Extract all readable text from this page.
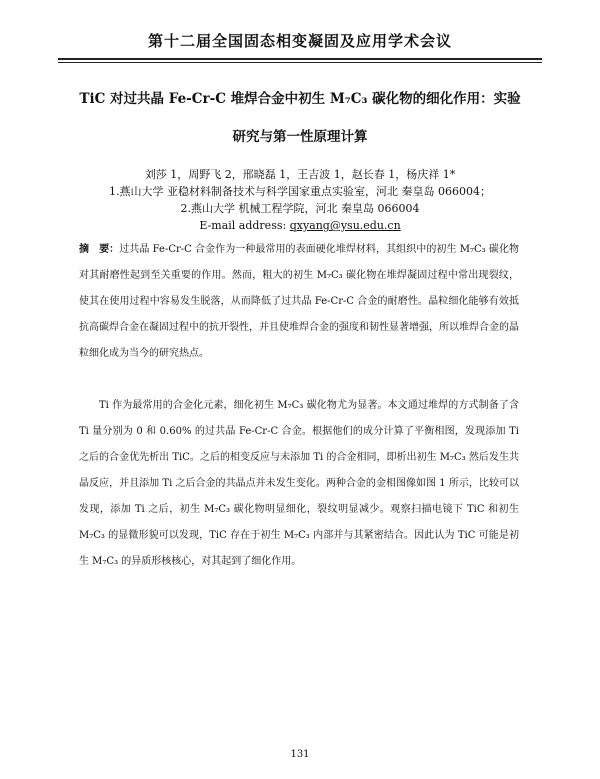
第十二届全国固态相变凝固及应用学术会议
TiC 对过共晶 Fe-Cr-C 堆焊合金中初生 M₇C₃ 碳化物的细化作用：实验
研究与第一性原理计算
刘莎 1，周野飞 2，邢晓磊 1，王吉波 1，赵长春 1，杨庆祥 1*
1.燕山大学 亚稳材料制备技术与科学国家重点实验室，河北 秦皇岛 066004；
2.燕山大学 机械工程学院，河北 秦皇岛 066004
E-mail address: qxyang@ysu.edu.cn
摘　要：过共晶 Fe-Cr-C 合金作为一种最常用的表面硬化堆焊材料，其组织中的初生 M₇C₃ 碳化物对其耐磨性起到至关重要的作用。然而，粗大的初生 M₇C₃ 碳化物在堆焊凝固过程中常出现裂纹，使其在使用过程中容易发生脱落，从而降低了过共晶 Fe-Cr-C 合金的耐磨性。晶粒细化能够有效抵抗高碳焊合金在凝固过程中的抗开裂性，并且使堆焊合金的强度和韧性显著增强，所以堆焊合金的晶粒细化成为当今的研究热点。
Ti 作为最常用的合金化元素，细化初生 M₇C₃ 碳化物尤为显著。本文通过堆焊的方式制备了含 Ti 量分别为 0 和 0.60% 的过共晶 Fe-Cr-C 合金。根据他们的成分计算了平衡相图，发现添加 Ti 之后的合金优先析出 TiC。之后的相变反应与未添加 Ti 的合金相同，即析出初生 M₇C₃ 然后发生共晶反应，并且添加 Ti 之后合金的共晶点并未发生变化。两种合金的金相图像如图 1 所示，比较可以发现，添加 Ti 之后，初生 M₇C₃ 碳化物明显细化，裂纹明显减少。观察扫描电镜下 TiC 和初生 M₇C₃ 的显微形貌可以发现，TiC 存在于初生 M₇C₃ 内部并与其紧密结合。因此认为 TiC 可能是初生 M₇C₃ 的异质形核核心，对其起到了细化作用。
131
